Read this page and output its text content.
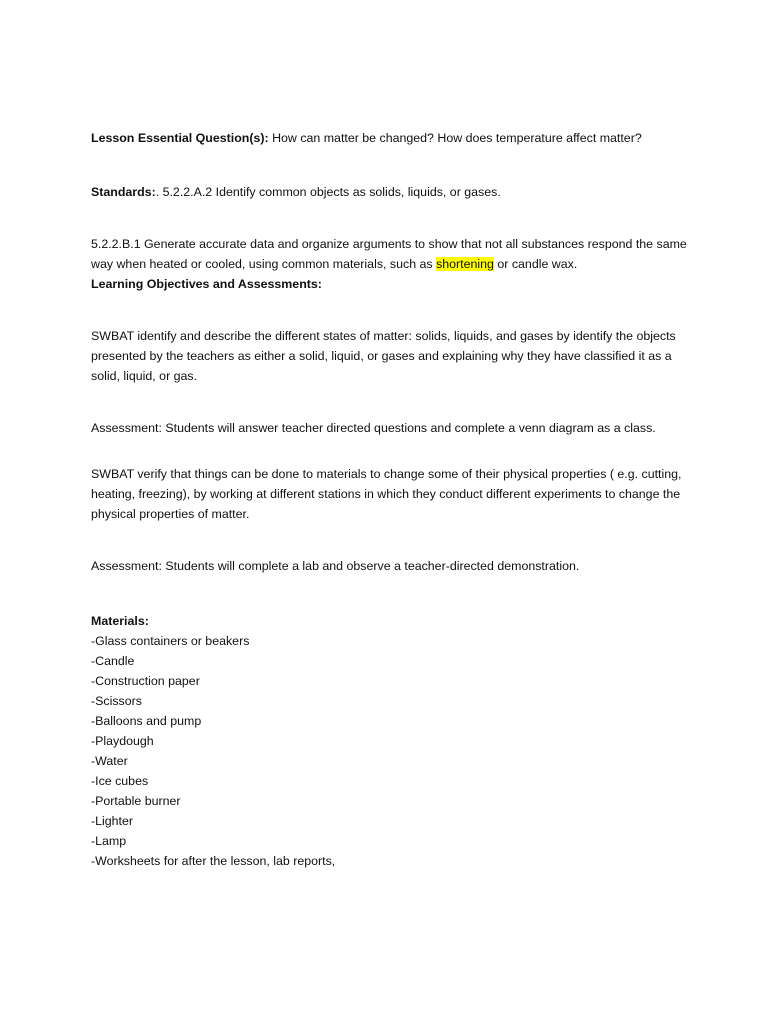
Lesson Essential Question(s): How can matter be changed? How does temperature affect matter?

Standards:. 5.2.2.A.2 Identify common objects as solids, liquids, or gases.

5.2.2.B.1 Generate accurate data and organize arguments to show that not all substances respond the same way when heated or cooled, using common materials, such as shortening or candle wax.

Learning Objectives and Assessments:

SWBAT identify and describe the different states of matter: solids, liquids, and gases by identify the objects presented by the teachers as either a solid, liquid, or gases and explaining why they have classified it as a solid, liquid, or gas.

Assessment: Students will answer teacher directed questions and complete a venn diagram as a class.

SWBAT verify that things can be done to materials to change some of their physical properties ( e.g. cutting, heating, freezing), by working at different stations in which they conduct different experiments to change the physical properties of matter.

Assessment: Students will complete a lab and observe a teacher-directed demonstration.

Materials:

-Glass containers or beakers
-Candle
-Construction paper
-Scissors
-Balloons and pump
-Playdough
-Water
-Ice cubes
-Portable burner
-Lighter
-Lamp
-Worksheets for after the lesson, lab reports,
